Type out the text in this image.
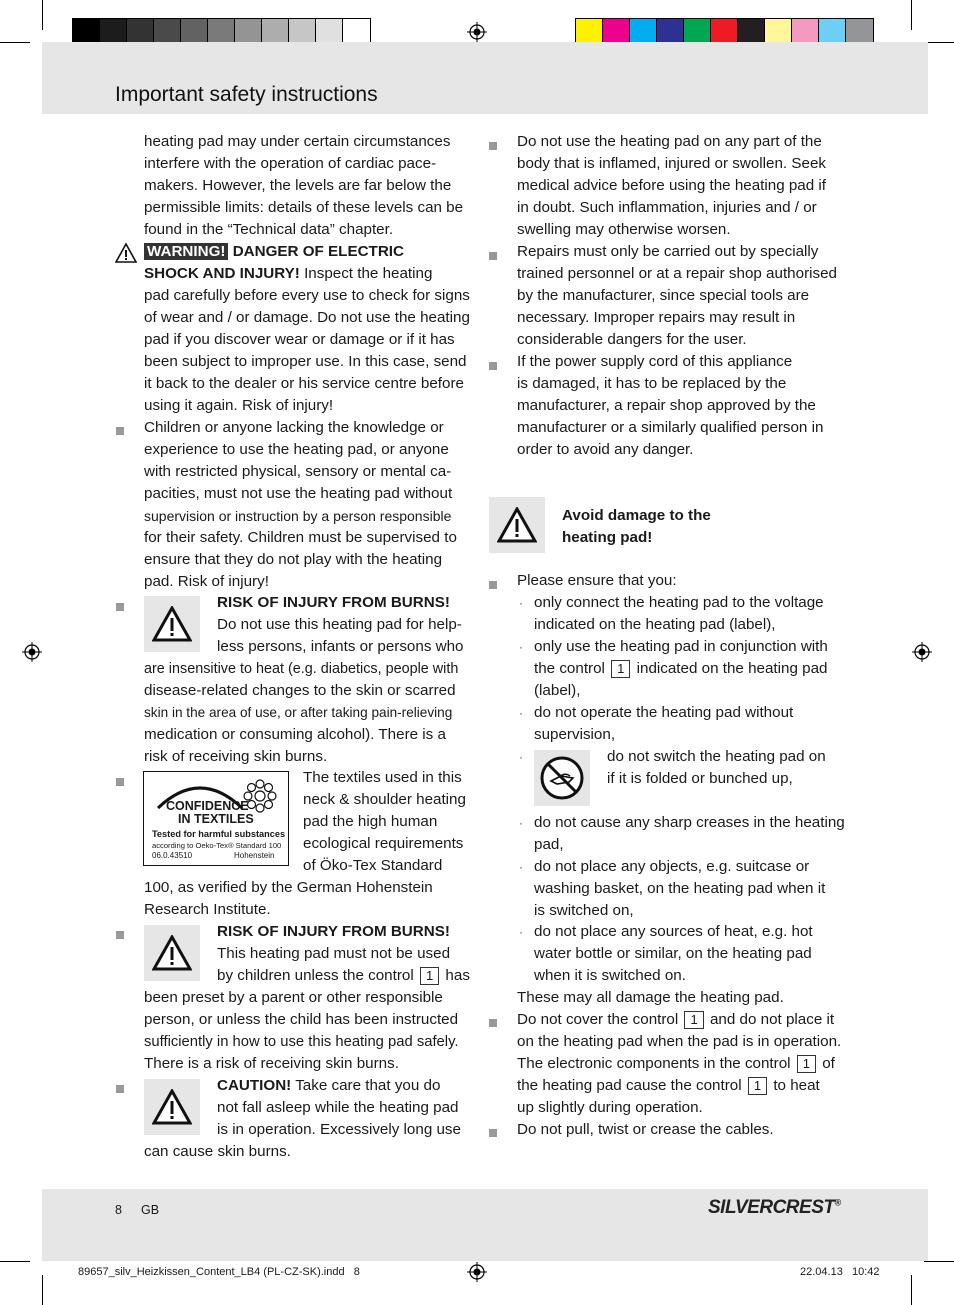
Important safety instructions
heating pad may under certain circumstances
interfere with the operation of cardiac pace-
makers. However, the levels are far below the
permissible limits: details of these levels can be
found in the “Technical data” chapter.
WARNING! DANGER OF ELECTRIC
SHOCK AND INJURY! Inspect the heating
pad carefully before every use to check for signs
of wear and / or damage. Do not use the heating
pad if you discover wear or damage or if it has
been subject to improper use. In this case, send
it back to the dealer or his service centre before
using it again. Risk of injury!
Children or anyone lacking the knowledge or
experience to use the heating pad, or anyone
with restricted physical, sensory or mental ca-
pacities, must not use the heating pad without
supervision or instruction by a person responsible
for their safety. Children must be supervised to
ensure that they do not play with the heating
pad. Risk of injury!
RISK OF INJURY FROM BURNS!
Do not use this heating pad for help-
less persons, infants or persons who
are insensitive to heat (e.g. diabetics, people with
disease-related changes to the skin or scarred
skin in the area of use, or after taking pain-relieving
medication or consuming alcohol). There is a
risk of receiving skin burns.
CONFIDENCE
IN TEXTILES
Tested for harmful substances
according to Oeko-Tex® Standard 100
06.0.43510	Hohenstein
The textiles used in this
neck & shoulder heating
pad the high human
ecological requirements
of Öko-Tex Standard
100, as verified by the German Hohenstein
Research Institute.
RISK OF INJURY FROM BURNS!
This heating pad must not be used
by children unless the control 1 has
been preset by a parent or other responsible
person, or unless the child has been instructed
sufficiently in how to use this heating pad safely.
There is a risk of receiving skin burns.
CAUTION! Take care that you do
not fall asleep while the heating pad
is in operation. Excessively long use
can cause skin burns.
Do not use the heating pad on any part of the
body that is inflamed, injured or swollen. Seek
medical advice before using the heating pad if
in doubt. Such inflammation, injuries and / or
swelling may otherwise worsen.
Repairs must only be carried out by specially
trained personnel or at a repair shop authorised
by the manufacturer, since special tools are
necessary. Improper repairs may result in
considerable dangers for the user.
If the power supply cord of this appliance
is damaged, it has to be replaced by the
manufacturer, a repair shop approved by the
manufacturer or a similarly qualified person in
order to avoid any danger.
Avoid damage to the
heating pad!
Please ensure that you:
· only connect the heating pad to the voltage
indicated on the heating pad (label),
· only use the heating pad in conjunction with
the control 1 indicated on the heating pad
(label),
· do not operate the heating pad without
supervision,
·	do not switch the heating pad on
if it is folded or bunched up,
· do not cause any sharp creases in the heating
pad,
· do not place any objects, e.g. suitcase or
washing basket, on the heating pad when it
is switched on,
· do not place any sources of heat, e.g. hot
water bottle or similar, on the heating pad
when it is switched on.
These may all damage the heating pad.
Do not cover the control 1 and do not place it
on the heating pad when the pad is in operation.
The electronic components in the control 1 of
the heating pad cause the control 1 to heat
up slightly during operation.
Do not pull, twist or crease the cables.
8 GB	SILVERCREST®
89657_silv_Heizkissen_Content_LB4 (PL-CZ-SK).indd   8	22.04.13   10:42
